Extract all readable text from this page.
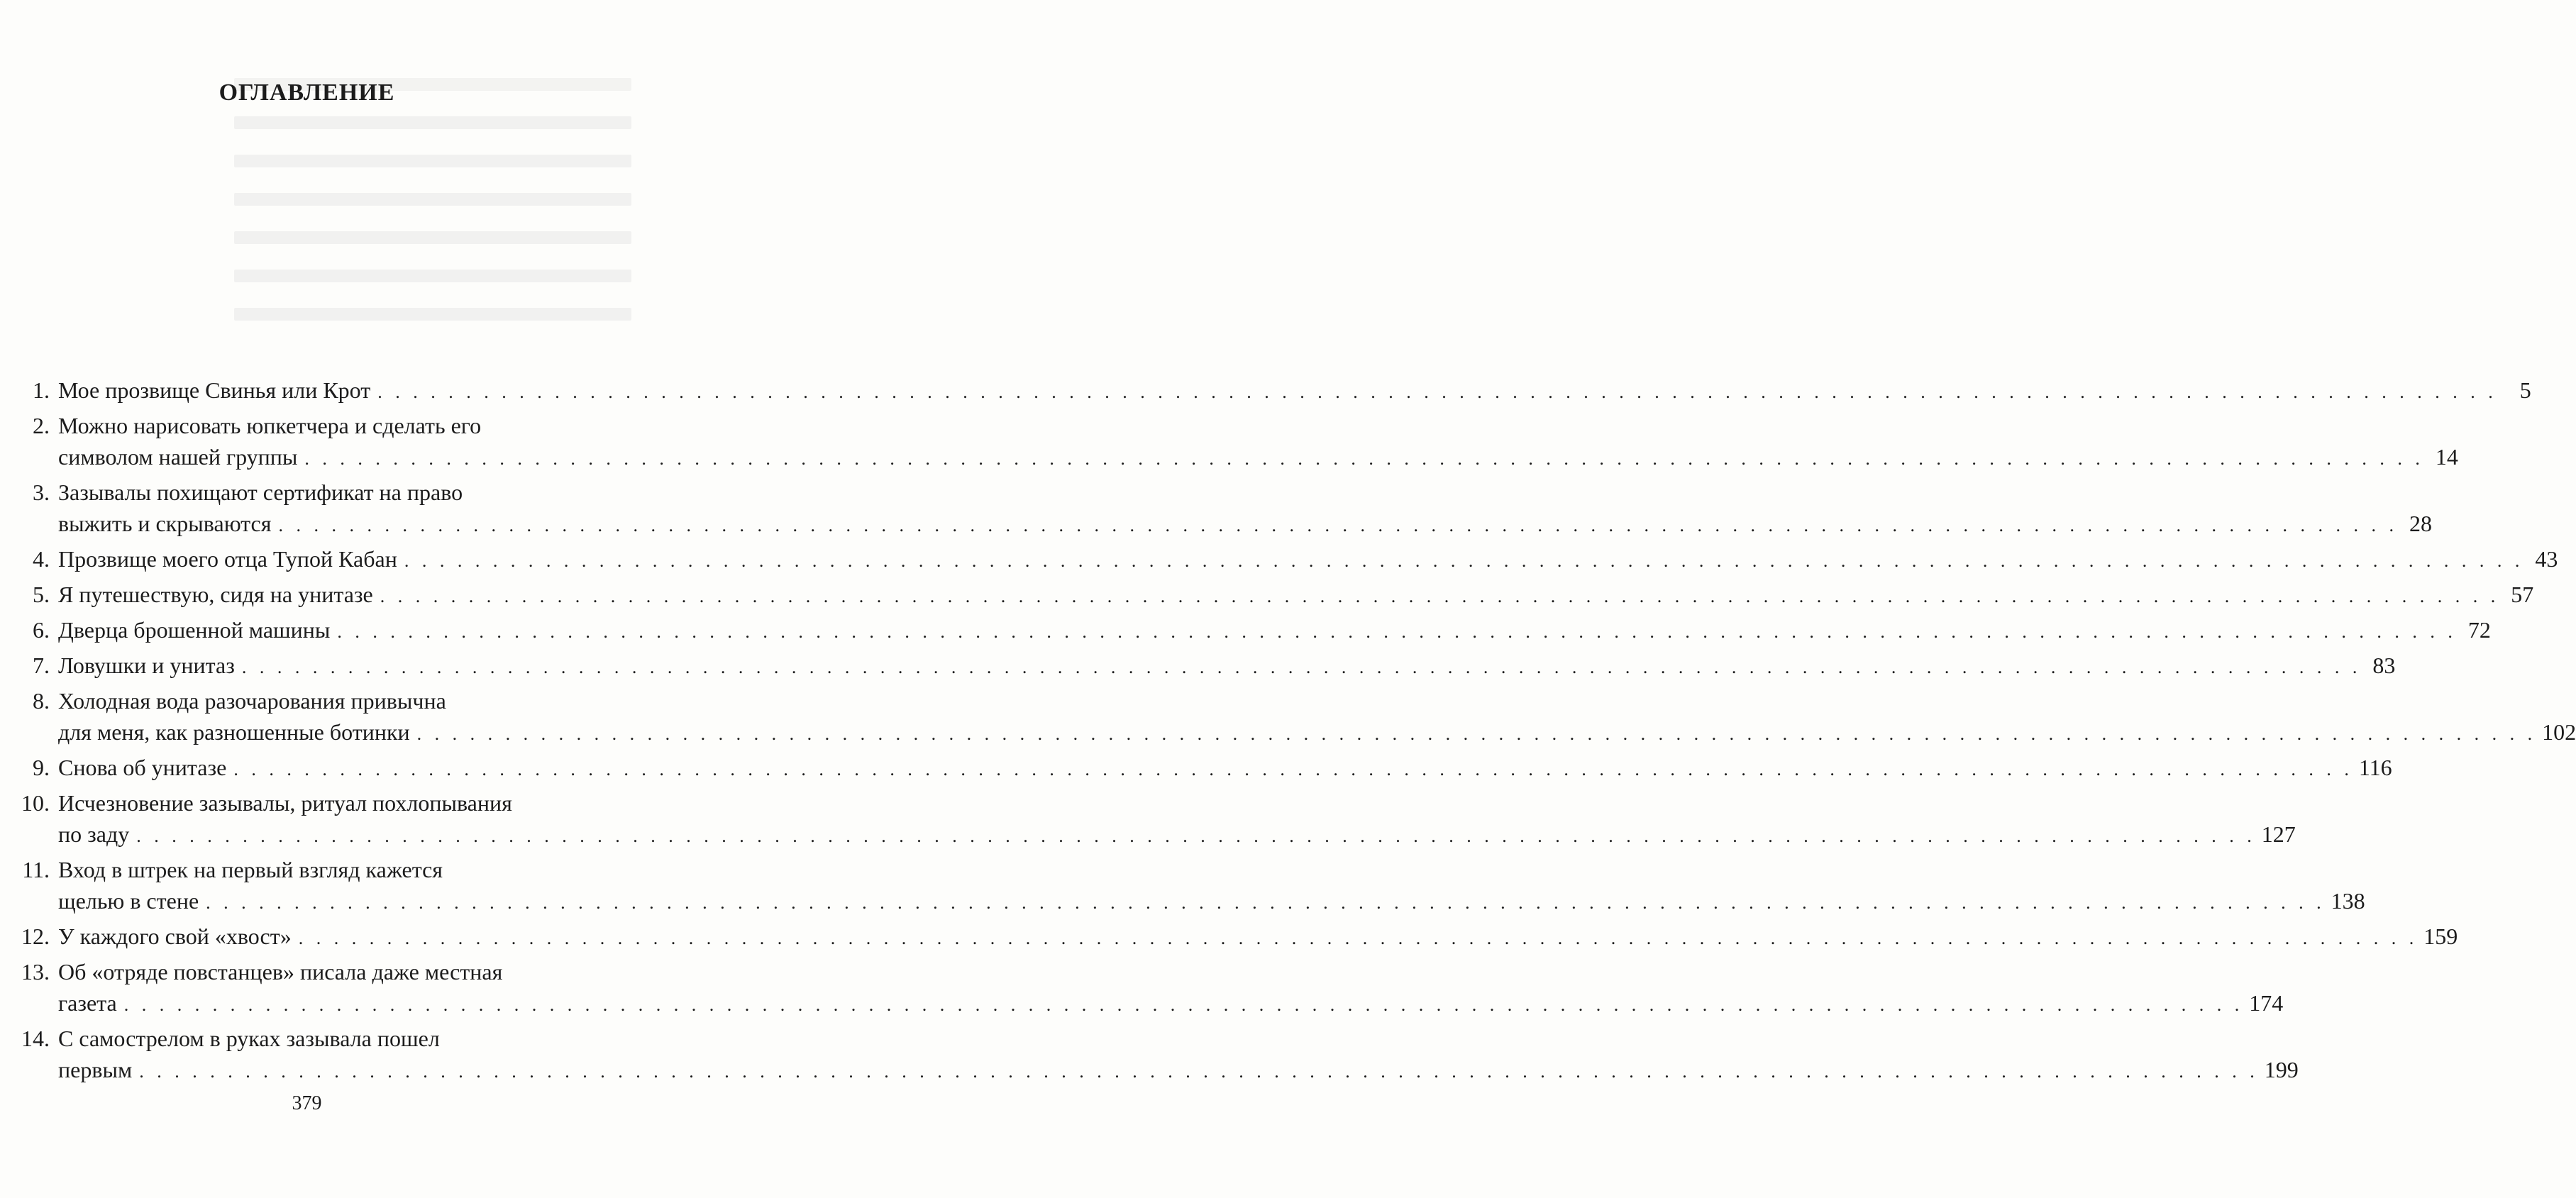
ОГЛАВЛЕНИЕ
1. Мое прозвище Свинья или Крот . . . . . . . . . . . . . . . . . . . . . . . . . . . . . . . . . . . . . . . . . . . . . . . . . . . . . . . . . . . . . . . . . . . . . . . . . . . . . . . . . . . . . . . . . . . . . . . . . . . . . . . . . . . . . . . . . . . . . . . .	5
2. Можно нарисовать юпкетчера и сделать его
символом нашей группы . . . . . . . . . . . . . . . . . . . . . . . . . . . . . . . . . . . . . . . . . . . . . . . . . . . . . . . . . . . . . . . . . . . . . . . . . . . . . . . . . . . . . . . . . . . . . . . . . . . . . . . . . . . . . . . . . . . . . . . . 14
3. Зазывалы похищают сертификат на право
выжить и скрываются . . . . . . . . . . . . . . . . . . . . . . . . . . . . . . . . . . . . . . . . . . . . . . . . . . . . . . . . . . . . . . . . . . . . . . . . . . . . . . . . . . . . . . . . . . . . . . . . . . . . . . . . . . . . . . . . . . . . . . . . 28
4. Прозвище моего отца Тупой Кабан . . . . . . . . . . . . . . . . . . . . . . . . . . . . . . . . . . . . . . . . . . . . . . . . . . . . . . . . . . . . . . . . . . . . . . . . . . . . . . . . . . . . . . . . . . . . . . . . . . . . . . . . . . . . . . . . . . . . . . . . 43
5. Я путешествую, сидя на унитазе . . . . . . . . . . . . . . . . . . . . . . . . . . . . . . . . . . . . . . . . . . . . . . . . . . . . . . . . . . . . . . . . . . . . . . . . . . . . . . . . . . . . . . . . . . . . . . . . . . . . . . . . . . . . . . . . . . . . . . . . 57
6. Дверца брошенной машины . . . . . . . . . . . . . . . . . . . . . . . . . . . . . . . . . . . . . . . . . . . . . . . . . . . . . . . . . . . . . . . . . . . . . . . . . . . . . . . . . . . . . . . . . . . . . . . . . . . . . . . . . . . . . . . . . . . . . . . . 72
7. Ловушки и унитаз . . . . . . . . . . . . . . . . . . . . . . . . . . . . . . . . . . . . . . . . . . . . . . . . . . . . . . . . . . . . . . . . . . . . . . . . . . . . . . . . . . . . . . . . . . . . . . . . . . . . . . . . . . . . . . . . . . . . . . . . 83
8. Холодная вода разочарования привычна
для меня, как разношенные ботинки . . . . . . . . . . . . . . . . . . . . . . . . . . . . . . . . . . . . . . . . . . . . . . . . . . . . . . . . . . . . . . . . . . . . . . . . . . . . . . . . . . . . . . . . . . . . . . . . . . . . . . . . . . . . . . . . . . . . . . . . 102
9. Снова об унитазе . . . . . . . . . . . . . . . . . . . . . . . . . . . . . . . . . . . . . . . . . . . . . . . . . . . . . . . . . . . . . . . . . . . . . . . . . . . . . . . . . . . . . . . . . . . . . . . . . . . . . . . . . . . . . . . . . . . . . . . . 116
10. Исчезновение зазывалы, ритуал похлопывания
по заду . . . . . . . . . . . . . . . . . . . . . . . . . . . . . . . . . . . . . . . . . . . . . . . . . . . . . . . . . . . . . . . . . . . . . . . . . . . . . . . . . . . . . . . . . . . . . . . . . . . . . . . . . . . . . . . . . . . . . . . . 127
11. Вход в штрек на первый взгляд кажется
щелью в стене . . . . . . . . . . . . . . . . . . . . . . . . . . . . . . . . . . . . . . . . . . . . . . . . . . . . . . . . . . . . . . . . . . . . . . . . . . . . . . . . . . . . . . . . . . . . . . . . . . . . . . . . . . . . . . . . . . . . . . . . 138
12. У каждого свой «хвост» . . . . . . . . . . . . . . . . . . . . . . . . . . . . . . . . . . . . . . . . . . . . . . . . . . . . . . . . . . . . . . . . . . . . . . . . . . . . . . . . . . . . . . . . . . . . . . . . . . . . . . . . . . . . . . . . . . . . . . . . 159
13. Об «отряде повстанцев» писала даже местная
газета . . . . . . . . . . . . . . . . . . . . . . . . . . . . . . . . . . . . . . . . . . . . . . . . . . . . . . . . . . . . . . . . . . . . . . . . . . . . . . . . . . . . . . . . . . . . . . . . . . . . . . . . . . . . . . . . . . . . . . . . 174
14. С самострелом в руках зазывала пошел
первым . . . . . . . . . . . . . . . . . . . . . . . . . . . . . . . . . . . . . . . . . . . . . . . . . . . . . . . . . . . . . . . . . . . . . . . . . . . . . . . . . . . . . . . . . . . . . . . . . . . . . . . . . . . . . . . . . . . . . . . . 199
379
